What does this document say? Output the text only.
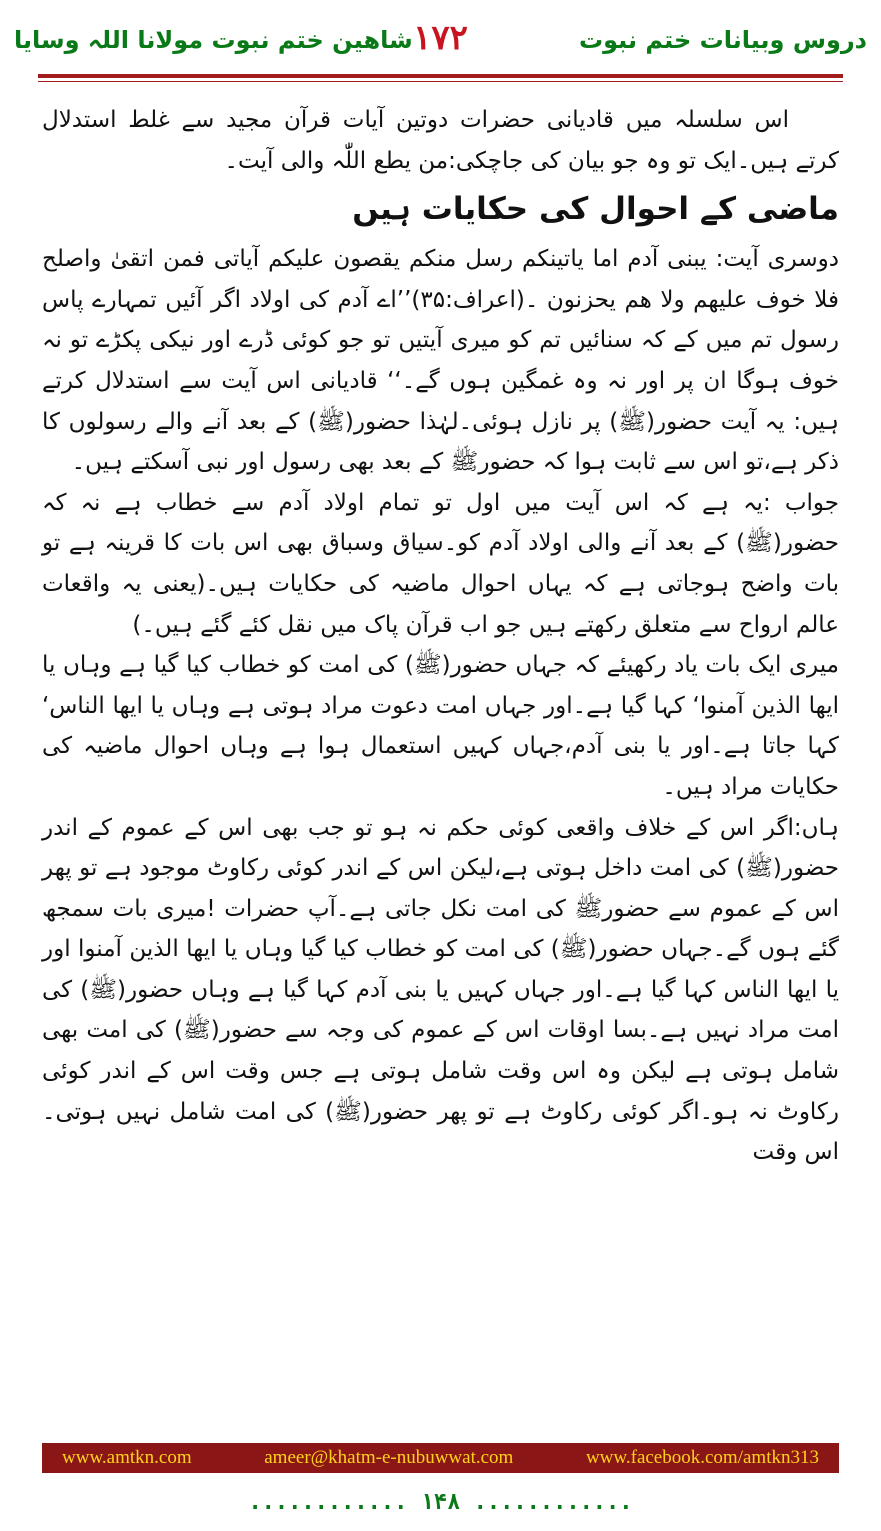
دروس وبیانات ختم نبوت
۱۷۲
شاهین ختم نبوت مولانا اللہ وسایا

اس سلسلہ میں قادیانی حضرات دوتین آیات قرآن مجید سے غلط استدلال کرتے ہیں۔ایک تو وہ جو بیان کی جاچکی:من یطع اللّٰہ والی آیت۔

ماضی کے احوال کی حکایات ہیں

دوسری آیت: یبنی آدم اما یاتینکم رسل منکم یقصون علیکم آیاتی فمن اتقیٰ واصلح فلا خوف علیهم ولا هم یحزنون ۔(اعراف:۳۵)’’اے آدم کی اولاد اگر آئیں تمہارے پاس رسول تم میں کے کہ سنائیں تم کو میری آیتیں تو جو کوئی ڈرے اور نیکی پکڑے تو نہ خوف ہوگا ان پر اور نہ وہ غمگین ہوں گے۔‘‘ قادیانی اس آیت سے استدلال کرتے ہیں: یہ آیت حضور(ﷺ) پر نازل ہوئی۔لہٰذا حضور(ﷺ) کے بعد آنے والے رسولوں کا ذکر ہے،تو اس سے ثابت ہوا کہ حضورﷺ کے بعد بھی رسول اور نبی آسکتے ہیں۔

جواب :یہ ہے کہ اس آیت میں اول تو تمام اولاد آدم سے خطاب ہے نہ کہ حضور(ﷺ) کے بعد آنے والی اولاد آدم کو۔سیاق وسباق بھی اس بات کا قرینہ ہے تو بات واضح ہوجاتی ہے کہ یہاں احوال ماضیہ کی حکایات ہیں۔(یعنی یہ واقعات عالم ارواح سے متعلق رکھتے ہیں جو اب قرآن پاک میں نقل کئے گئے ہیں۔)

میری ایک بات یاد رکھیئے کہ جہاں حضور(ﷺ) کی امت کو خطاب کیا گیا ہے وہاں یا ایها الذین آمنوا‘ کہا گیا ہے۔اور جہاں امت دعوت مراد ہوتی ہے وہاں یا ایها الناس‘ کہا جاتا ہے۔اور یا بنی آدم،جہاں کہیں استعمال ہوا ہے وہاں احوال ماضیہ کی حکایات مراد ہیں۔

ہاں:اگر اس کے خلاف واقعی کوئی حکم نہ ہو تو جب بھی اس کے عموم کے اندر حضور(ﷺ) کی امت داخل ہوتی ہے،لیکن اس کے اندر کوئی رکاوٹ موجود ہے تو پھر اس کے عموم سے حضورﷺ کی امت نکل جاتی ہے۔آپ حضرات !میری بات سمجھ گئے ہوں گے۔جہاں حضور(ﷺ) کی امت کو خطاب کیا گیا وہاں یا ایها الذین آمنوا اور یا ایها الناس کہا گیا ہے۔اور جہاں کہیں یا بنی آدم کہا گیا ہے وہاں حضور(ﷺ) کی امت مراد نہیں ہے۔بسا اوقات اس کے عموم کی وجہ سے حضور(ﷺ) کی امت بھی شامل ہوتی ہے لیکن وہ اس وقت شامل ہوتی ہے جس وقت اس کے اندر کوئی رکاوٹ نہ ہو۔اگر کوئی رکاوٹ ہے تو پھر حضور(ﷺ) کی امت شامل نہیں ہوتی۔اس وقت

www.amtkn.com	ameer@khatm-e-nubuwwat.com	www.facebook.com/amtkn313
............ ۱۴۸ ............
